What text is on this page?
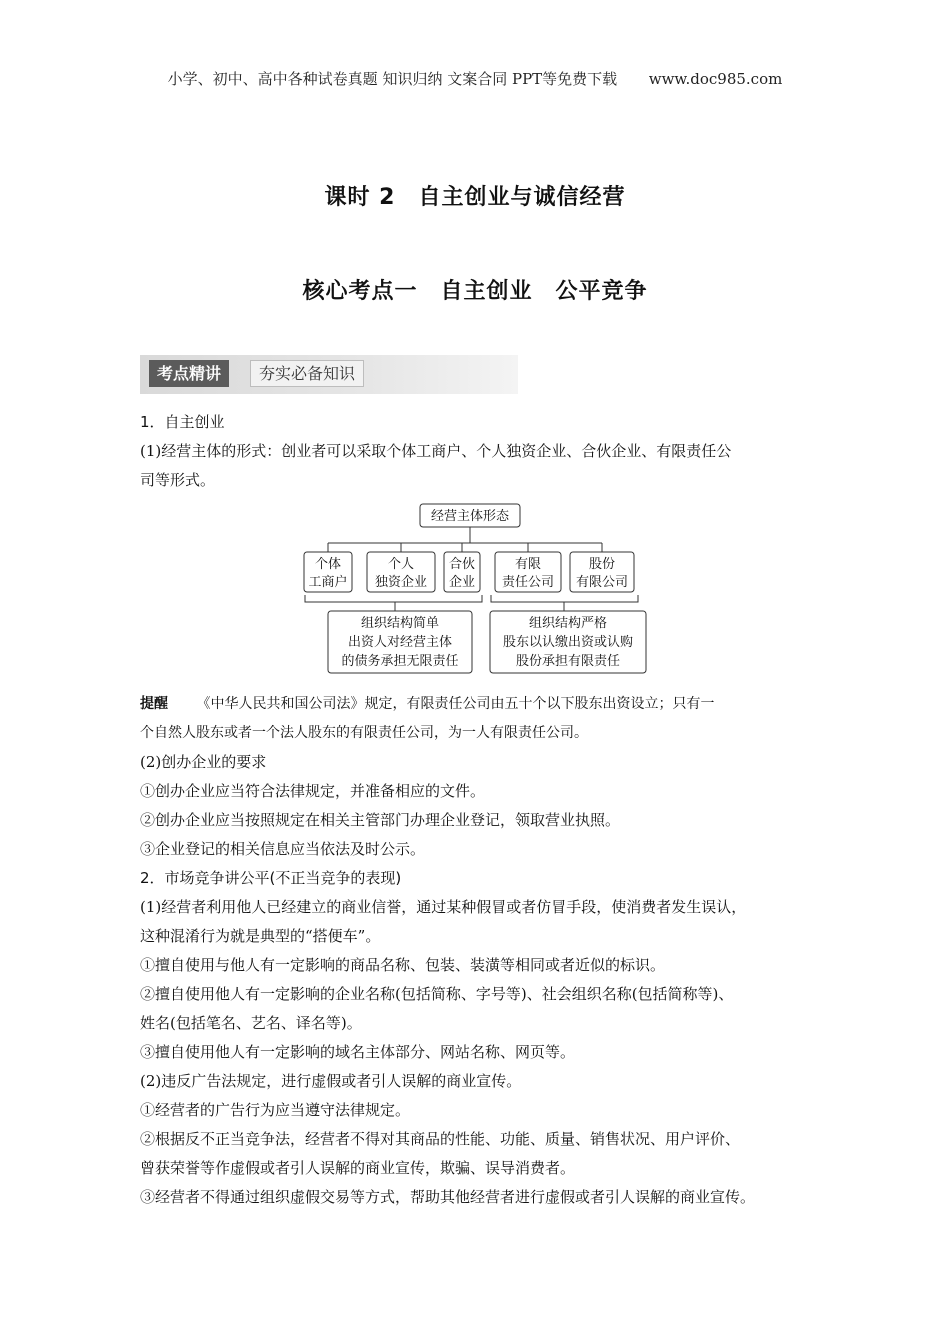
小学、初中、高中各种试卷真题 知识归纳 文案合同 PPT等免费下载 www.doc985.com
课时 2　自主创业与诚信经营
核心考点一　自主创业　公平竞争
考点精讲	夯实必备知识
1．自主创业
(1)经营主体的形式：创业者可以采取个体工商户、个人独资企业、合伙企业、有限责任公
司等形式。
经营主体形态
个体
工商户
个人
独资企业
合伙
企业
有限
责任公司
股份
有限公司
组织结构简单
出资人对经营主体
的债务承担无限责任
组织结构严格
股东以认缴出资或认购
股份承担有限责任
提醒 《中华人民共和国公司法》规定，有限责任公司由五十个以下股东出资设立；只有一
个自然人股东或者一个法人股东的有限责任公司，为一人有限责任公司。
(2)创办企业的要求
①创办企业应当符合法律规定，并准备相应的文件。
②创办企业应当按照规定在相关主管部门办理企业登记，领取营业执照。
③企业登记的相关信息应当依法及时公示。
2．市场竞争讲公平(不正当竞争的表现)
(1)经营者利用他人已经建立的商业信誉，通过某种假冒或者仿冒手段，使消费者发生误认，
这种混淆行为就是典型的“搭便车”。
①擅自使用与他人有一定影响的商品名称、包装、装潢等相同或者近似的标识。
②擅自使用他人有一定影响的企业名称(包括简称、字号等)、社会组织名称(包括简称等)、
姓名(包括笔名、艺名、译名等)。
③擅自使用他人有一定影响的域名主体部分、网站名称、网页等。
(2)违反广告法规定，进行虚假或者引人误解的商业宣传。
①经营者的广告行为应当遵守法律规定。
②根据反不正当竞争法，经营者不得对其商品的性能、功能、质量、销售状况、用户评价、
曾获荣誉等作虚假或者引人误解的商业宣传，欺骗、误导消费者。
③经营者不得通过组织虚假交易等方式，帮助其他经营者进行虚假或者引人误解的商业宣传。
